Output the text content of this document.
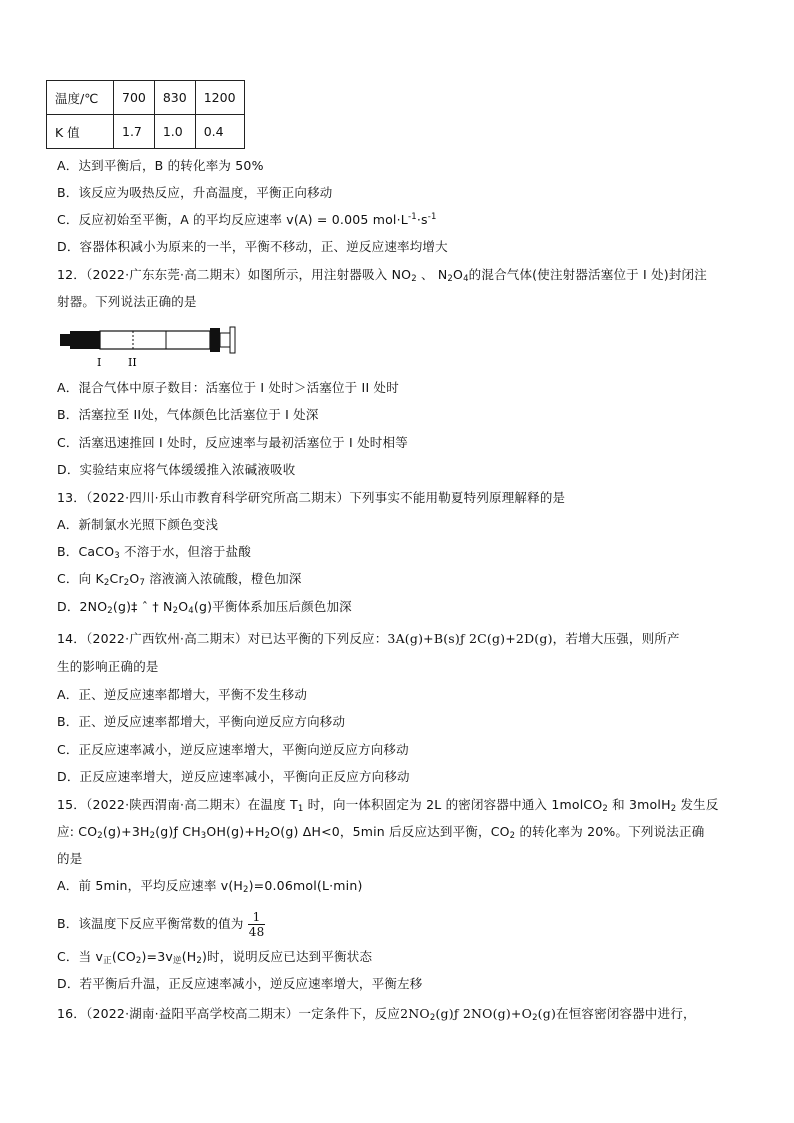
温度/℃	700	830	1200
K 值	1.7	1.0	0.4
A．达到平衡后，B 的转化率为 50%
B．该反应为吸热反应，升高温度，平衡正向移动
C．反应初始至平衡，A 的平均反应速率 v(A) = 0.005 $mol\cdot L^{-1}\cdot s^{-1}$
D．容器体积减小为原来的一半，平衡不移动，正、逆反应速率均增大
12．（2022·广东东莞·高二期末）如图所示，用注射器吸入 $NO_2$ 、 $N_2O_4$的混合气体(使注射器活塞位于 I 处)封闭注
射器。下列说法正确的是
I II
A．混合气体中原子数目：活塞位于 I 处时＞活塞位于 II 处时
B．活塞拉至 II处，气体颜色比活塞位于 I 处深
C．活塞迅速推回 I 处时，反应速率与最初活塞位于 I 处时相等
D．实验结束应将气体缓缓推入浓碱液吸收
13．（2022·四川·乐山市教育科学研究所高二期末）下列事实不能用勒夏特列原理解释的是
A．新制氯水光照下颜色变浅
B．CaCO$_3$ 不溶于水，但溶于盐酸
C．向 $K_2Cr_2O_7$ 溶液滴入浓硫酸，橙色加深
D．$2NO_2(g)\ddagger$ ˆ † $N_2O_4(g)$平衡体系加压后颜色加深
14．（2022·广西钦州·高二期末）对已达平衡的下列反应：3A(g)+B(s)ƒ 2C(g)+2D(g)，若增大压强，则所产
生的影响正确的是
A．正、逆反应速率都增大，平衡不发生移动
B．正、逆反应速率都增大，平衡向逆反应方向移动
C．正反应速率减小，逆反应速率增大，平衡向逆反应方向移动
D．正反应速率增大，逆反应速率减小，平衡向正反应方向移动
15．（2022·陕西渭南·高二期末）在温度 $T_1$ 时，向一体积固定为 2L 的密闭容器中通入 1molCO$_2$ 和 3molH$_2$ 发生反
应: $CO_2(g)+3H_2(g)ƒ$ $CH_3OH(g)+H_2O(g)$ ΔH<0，5min 后反应达到平衡，$CO_2$ 的转化率为 20%。下列说法正确
的是
A．前 5min，平均反应速率 $v(H_2)=0.06mol(L\cdot\min)$
B．该温度下反应平衡常数的值为 $\frac{1}{48}$
C．当 $v_正(CO_2)=3v_逆(H_2)$时，说明反应已达到平衡状态
D．若平衡后升温，正反应速率减小，逆反应速率增大，平衡左移
16．（2022·湖南·益阳平高学校高二期末）一定条件下，反应$2NO_2(g)ƒ$ $2NO(g)+O_2(g)$在恒容密闭容器中进行，
